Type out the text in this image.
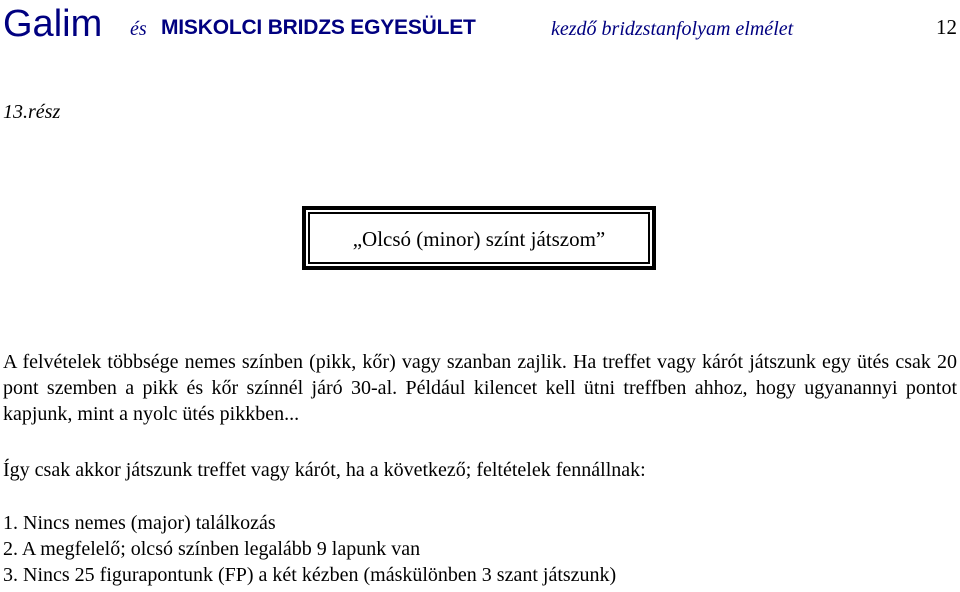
Galim és MISKOLCI BRIDZS EGYESÜLET	kezdő bridzstanfolyam elmélet	12
13.rész
„Olcsó (minor) színt játszom”
A felvételek többsége nemes színben (pikk, kőr) vagy szanban zajlik. Ha treffet vagy kárót játszunk egy ütés csak 20 pont szemben a pikk és kőr színnél járó 30-al. Például kilencet kell ütni treffben ahhoz, hogy ugyanannyi pontot kapjunk, mint a nyolc ütés pikkben...
Így csak akkor játszunk treffet vagy kárót, ha a következő; feltételek fennállnak:
1. Nincs nemes (major) találkozás
2. A megfelelő; olcsó színben legalább 9 lapunk van
3. Nincs 25 figurapontunk (FP) a két kézben (máskülönben 3 szant játszunk)
